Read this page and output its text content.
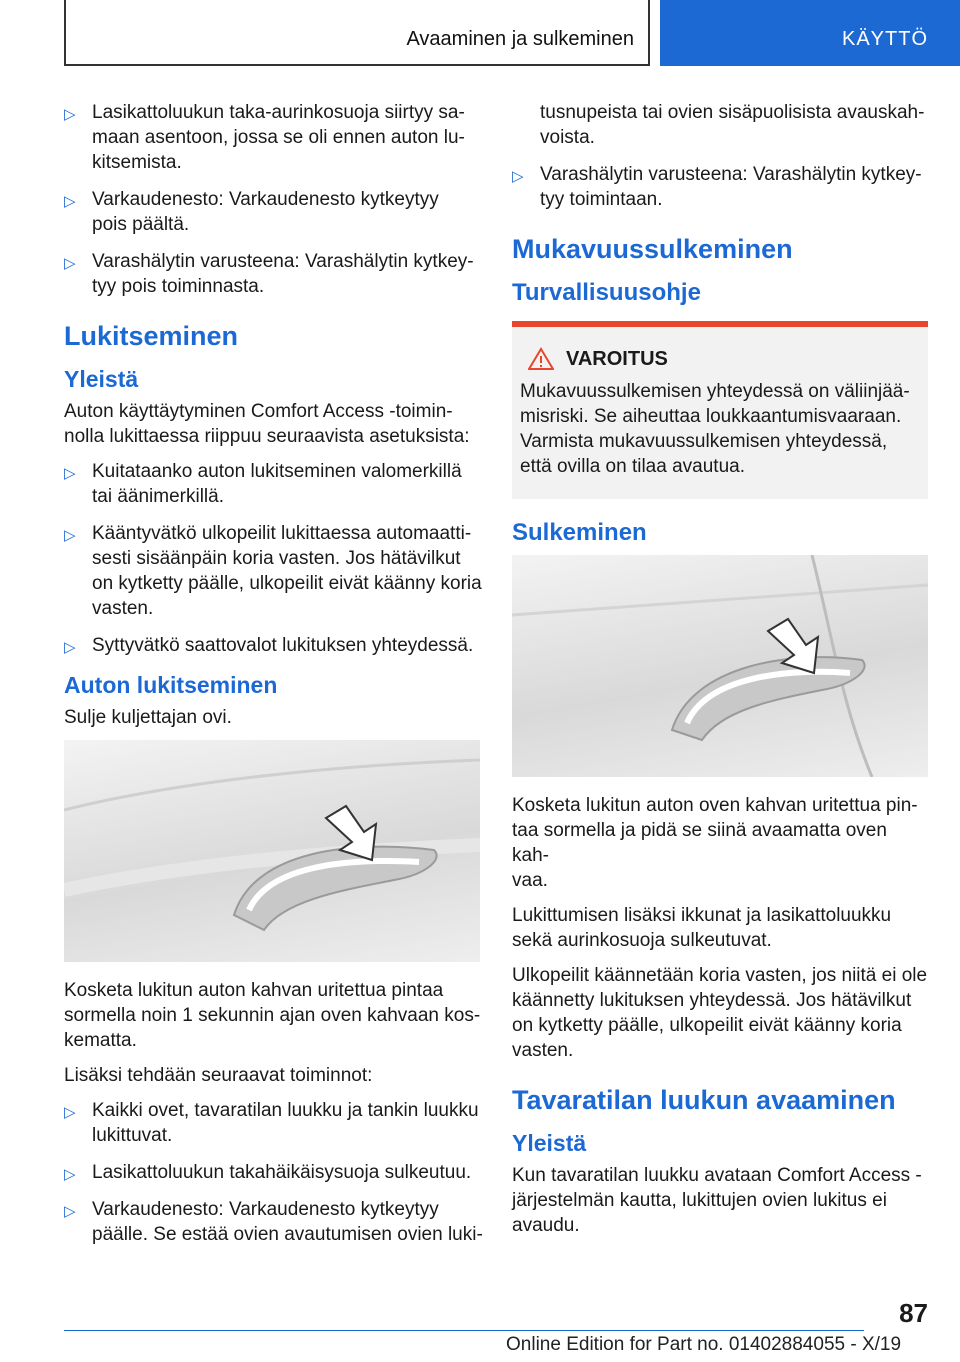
Avaaminen ja sulkeminen	KÄYTTÖ
▷ Lasikattoluukun taka-aurinkosuoja siirtyy sa-
maan asentoon, jossa se oli ennen auton lu-
kitsemista.
▷ Varkaudenesto: Varkaudenesto kytkeytyy
pois päältä.
▷ Varashälytin varusteena: Varashälytin kytkey-
tyy pois toiminnasta.
Lukitseminen
Yleistä

Auton käyttäytyminen Comfort Access -toimin-
nolla lukittaessa riippuu seuraavista asetuksista:

▷ Kuitataanko auton lukitseminen valomerkillä
tai äänimerkillä.
▷ Kääntyvätkö ulkopeilit lukittaessa automaatti-
sesti sisäänpäin koria vasten. Jos hätävilkut
on kytketty päälle, ulkopeilit eivät käänny koria
vasten.
▷ Syttyvätkö saattovalot lukituksen yhteydessä.
Auton lukitseminen

Sulje kuljettajan ovi.

Kosketa lukitun auton kahvan uritettua pintaa
sormella noin 1 sekunnin ajan oven kahvaan kos-
kematta.

Lisäksi tehdään seuraavat toiminnot:

▷ Kaikki ovet, tavaratilan luukku ja tankin luukku
lukittuvat.
▷ Lasikattoluukun takahäikäisysuoja sulkeutuu.
▷ Varkaudenesto: Varkaudenesto kytkeytyy
päälle. Se estää ovien avautumisen ovien luki-
tusnupeista tai ovien sisäpuolisista avauskah-
voista.
▷ Varashälytin varusteena: Varashälytin kytkey-
tyy toimintaan.
Mukavuussulkeminen
Turvallisuusohje
VAROITUS

Mukavuussulkemisen yhteydessä on väliinjää-
misriski. Se aiheuttaa loukkaantumisvaaraan.
Varmista mukavuussulkemisen yhteydessä,
että ovilla on tilaa avautua.

Sulkeminen

Kosketa lukitun auton oven kahvan uritettua pin-
taa sormella ja pidä se siinä avaamatta oven kah-
vaa.

Lukittumisen lisäksi ikkunat ja lasikattoluukku
sekä aurinkosuoja sulkeutuvat.

Ulkopeilit käännetään koria vasten, jos niitä ei ole
käännetty lukituksen yhteydessä. Jos hätävilkut
on kytketty päälle, ulkopeilit eivät käänny koria
vasten.

Tavaratilan luukun avaaminen
Yleistä

Kun tavaratilan luukku avataan Comfort Access -
järjestelmän kautta, lukittujen ovien lukitus ei
avaudu.

87
Online Edition for Part no. 01402884055 - X/19
